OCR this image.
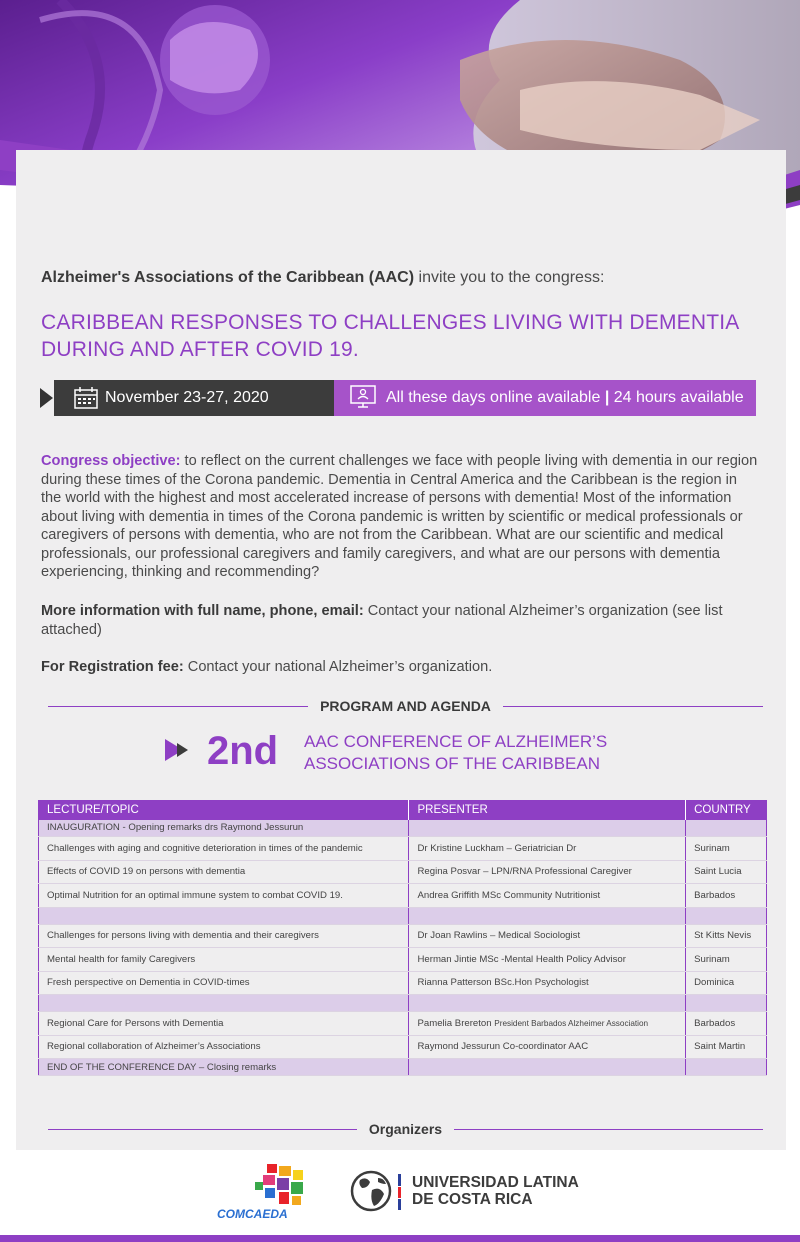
Alzheimer's Associations of the Caribbean (AAC) invite you to the congress:
CARIBBEAN RESPONSES TO CHALLENGES LIVING WITH DEMENTIA
DURING AND AFTER COVID 19.
November 23-27, 2020	All these days online available | 24 hours available
Congress objective: to reflect on the current challenges we face with people living with dementia in our region during these times of the Corona pandemic. Dementia in Central America and the Caribbean is the region in the world with the highest and most accelerated increase of persons with dementia! Most of the information about living with dementia in times of the Corona pandemic is written by scientific or medical professionals or caregivers of persons with dementia, who are not from the Caribbean. What are our scientific and medical professionals, our professional caregivers and family caregivers, and what are our persons with dementia experiencing, thinking and recommending?
More information with full name, phone, email: Contact your national Alzheimer’s organization (see list attached)
For Registration fee: Contact your national Alzheimer’s organization.
PROGRAM AND AGENDA
2nd AAC CONFERENCE OF ALZHEIMER’S
ASSOCIATIONS OF THE CARIBBEAN
LECTURE/TOPIC	PRESENTER	COUNTRY
INAUGURATION - Opening remarks drs Raymond Jessurun		
Challenges with aging and cognitive deterioration in times of the pandemic	Dr Kristine Luckham – Geriatrician Dr	Surinam
Effects of COVID 19 on persons with dementia	Regina Posvar – LPN/RNA Professional Caregiver	Saint Lucia
Optimal Nutrition for an optimal immune system to combat COVID 19.	Andrea Griffith MSc Community Nutritionist	Barbados

Challenges for persons living with dementia and their caregivers	Dr Joan Rawlins – Medical Sociologist	St Kitts Nevis
Mental health for family Caregivers	Herman Jintie MSc -Mental Health Policy Advisor	Surinam
Fresh perspective on Dementia in COVID-times	Rianna Patterson BSc.Hon Psychologist	Dominica

Regional Care for Persons with Dementia	Pamelia Brereton President Barbados Alzheimer Association	Barbados
Regional collaboration of Alzheimer’s Associations	Raymond Jessurun Co-coordinator AAC	Saint Martin
END OF THE CONFERENCE DAY – Closing remarks		
Organizers
COMCAEDA
UNIVERSIDAD LATINA
DE COSTA RICA
